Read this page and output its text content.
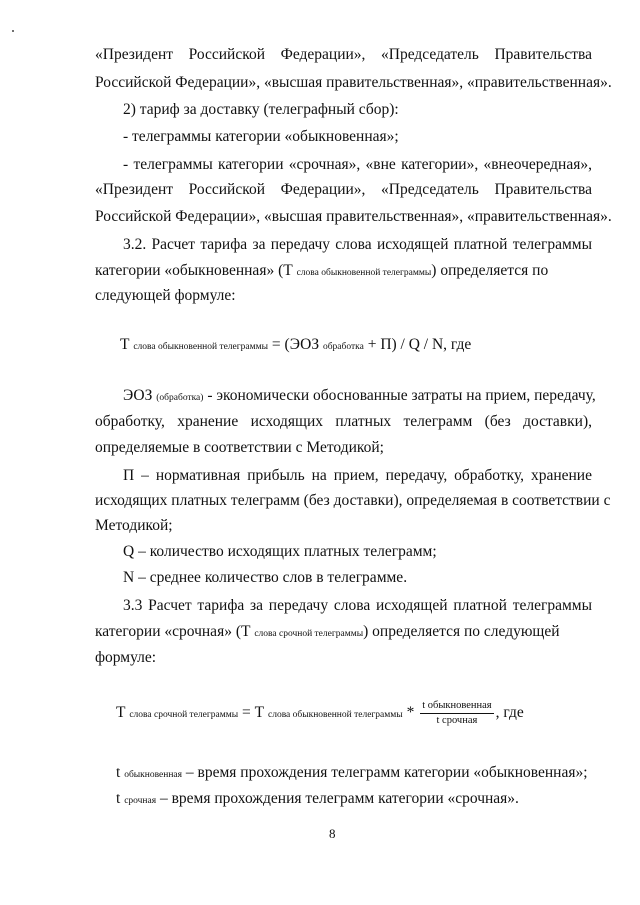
«Президент Российской Федерации», «Председатель Правительства
Российской Федерации», «высшая правительственная», «правительственная».
2) тариф за доставку (телеграфный сбор):
- телеграммы категории «обыкновенная»;
- телеграммы категории «срочная», «вне категории», «внеочередная»,
«Президент Российской Федерации», «Председатель Правительства
Российской Федерации», «высшая правительственная», «правительственная».
3.2. Расчет тарифа за передачу слова исходящей платной телеграммы
категории «обыкновенная» (Т слова обыкновенной телеграммы) определяется по
следующей формуле:
Т слова обыкновенной телеграммы = (ЭОЗ обработка + П) / Q / N, где
ЭОЗ (обработка) - экономически обоснованные затраты на прием, передачу,
обработку, хранение исходящих платных телеграмм (без доставки),
определяемые в соответствии с Методикой;
П – нормативная прибыль на прием, передачу, обработку, хранение
исходящих платных телеграмм (без доставки), определяемая в соответствии с
Методикой;
Q – количество исходящих платных телеграмм;
N – среднее количество слов в телеграмме.
3.3 Расчет тарифа за передачу слова исходящей платной телеграммы
категории «срочная» (Т слова срочной телеграммы) определяется по следующей
формуле:
Т слова срочной телеграммы = Т слова обыкновенной телеграммы * $\frac{\text{t обыкновенная}}{\text{t срочная}}$ , где
t обыкновенная – время прохождения телеграмм категории «обыкновенная»;
t срочная – время прохождения телеграмм категории «срочная».
8
